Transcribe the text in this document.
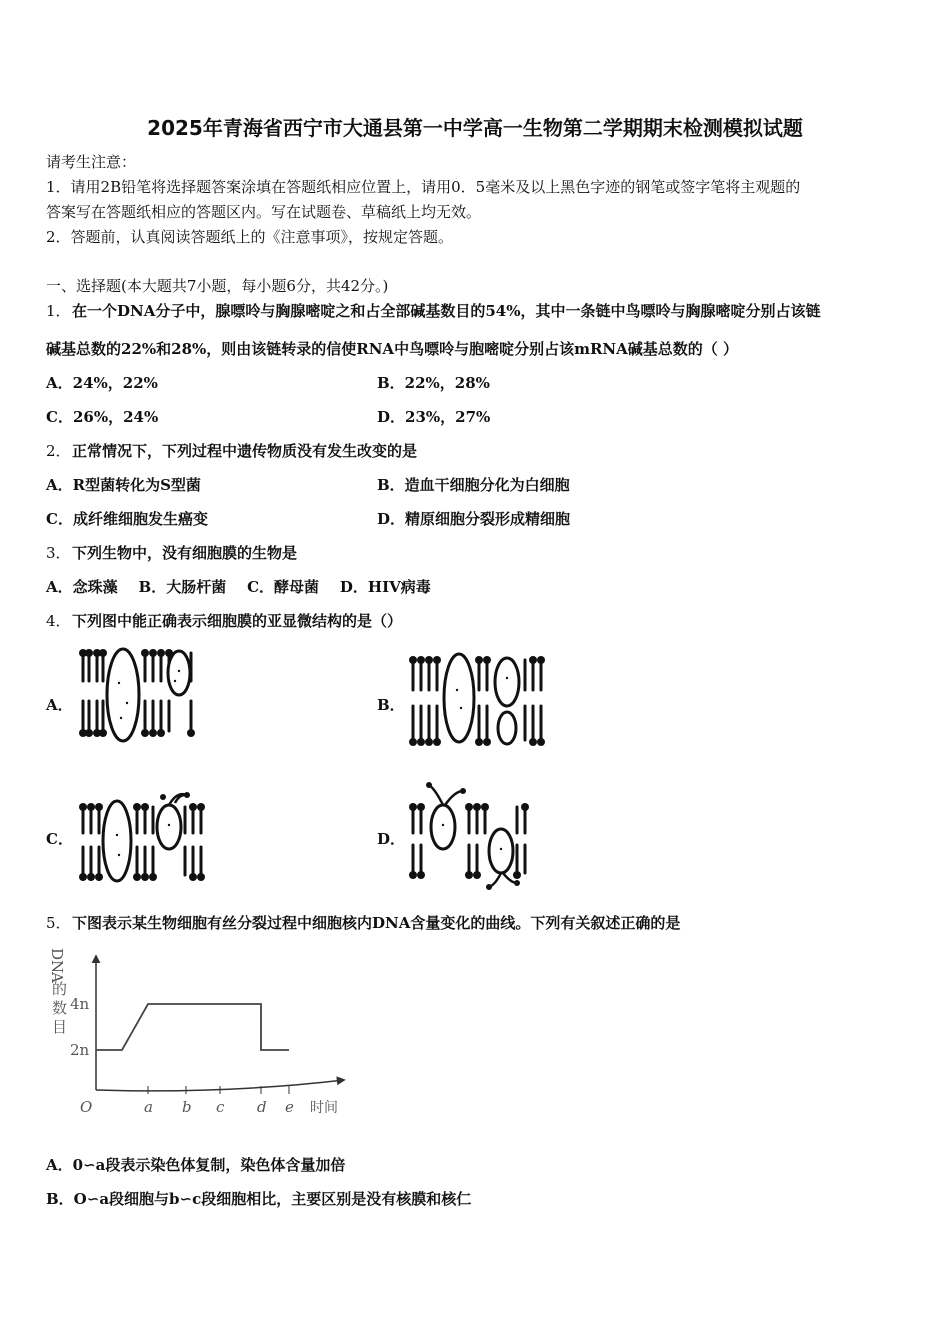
2025年青海省西宁市大通县第一中学高一生物第二学期期末检测模拟试题
请考生注意：
1．请用2B铅笔将选择题答案涂填在答题纸相应位置上，请用0．5毫米及以上黑色字迹的钢笔或签字笔将主观题的
答案写在答题纸相应的答题区内。写在试题卷、草稿纸上均无效。
2．答题前，认真阅读答题纸上的《注意事项》，按规定答题。
一、选择题(本大题共7小题，每小题6分，共42分。)
1． 在一个DNA分子中，腺嘌呤与胸腺嘧啶之和占全部碱基数目的54%，其中一条链中鸟嘌呤与胸腺嘧啶分别占该链
碱基总数的22%和28%，则由该链转录的信使RNA中鸟嘌呤与胞嘧啶分别占该mRNA碱基总数的（ ）
A．24%，22%	B．22%，28%
C．26%，24%	D．23%，27%
2． 正常情况下，下列过程中遗传物质没有发生改变的是
A．R型菌转化为S型菌	B．造血干细胞分化为白细胞
C．成纤维细胞发生癌变	D．精原细胞分裂形成精细胞
3． 下列生物中，没有细胞膜的生物是
A．念珠藻    B．大肠杆菌    C．酵母菌    D．HIV病毒
4． 下列图中能正确表示细胞膜的亚显微结构的是（）
A．	B．
C．	D．
5． 下图表示某生物细胞有丝分裂过程中细胞核内DNA含量变化的曲线。下列有关叙述正确的是
D
N
A
的
数
目
2n
4n
O	a b c d e 时间
A．0∽a段表示染色体复制，染色体含量加倍
B．O∽a段细胞与b∽c段细胞相比，主要区别是没有核膜和核仁
